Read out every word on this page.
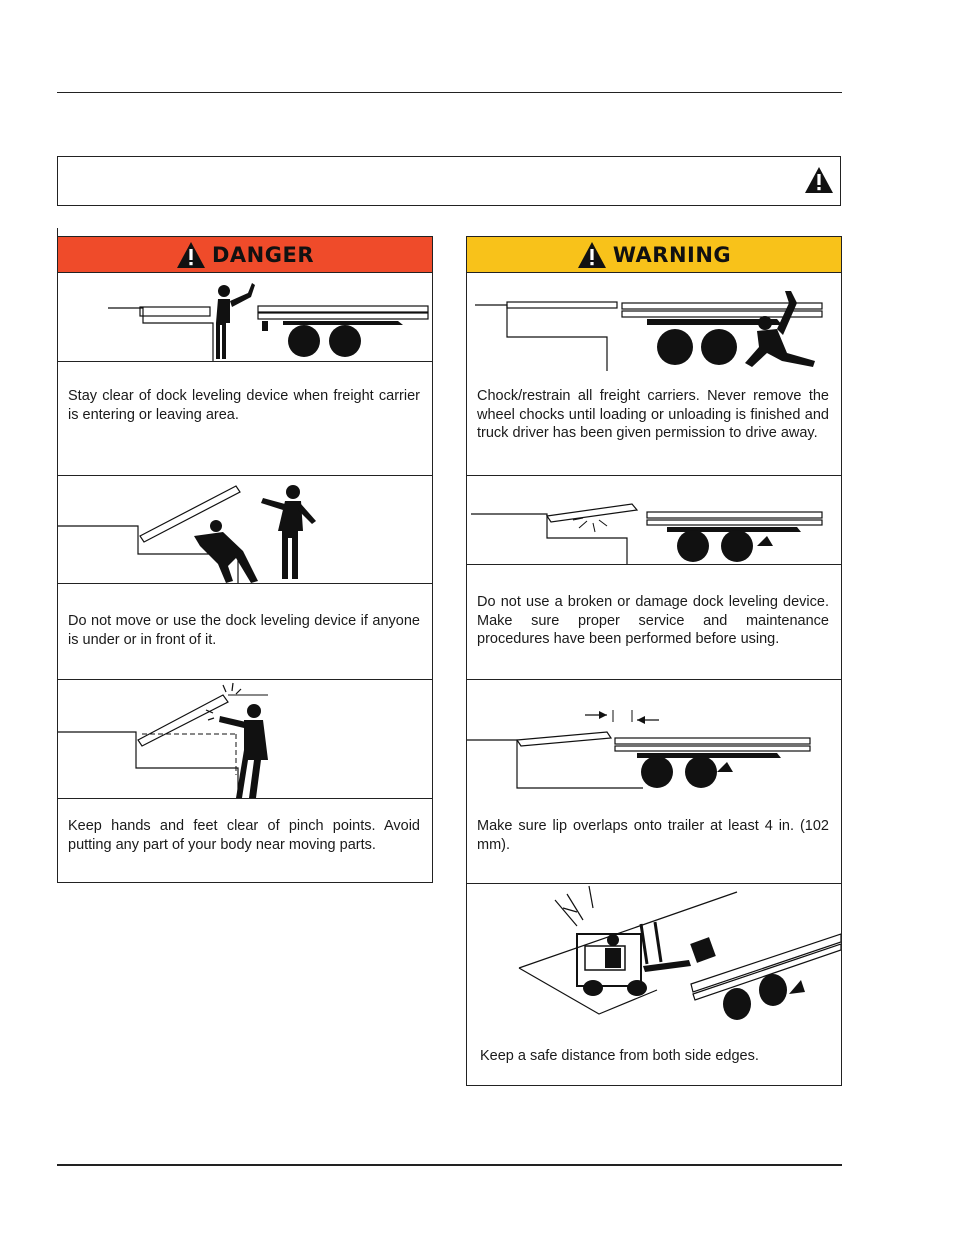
DANGER
Stay clear of dock leveling device when freight carrier is entering or leaving area.
Do not move or use the dock leveling device if anyone is under or in front of it.
Keep hands and feet clear of pinch points. Avoid putting any part of your body near moving parts.
WARNING
Chock/restrain all freight carriers. Never remove the wheel chocks until loading or unloading is finished and truck driver has been given permission to drive away.
Do not use a broken or damage dock leveling device. Make sure proper service and maintenance procedures have been performed before using.
Make sure lip overlaps onto trailer at least 4 in. (102 mm).
Keep a safe distance from both side edges.
